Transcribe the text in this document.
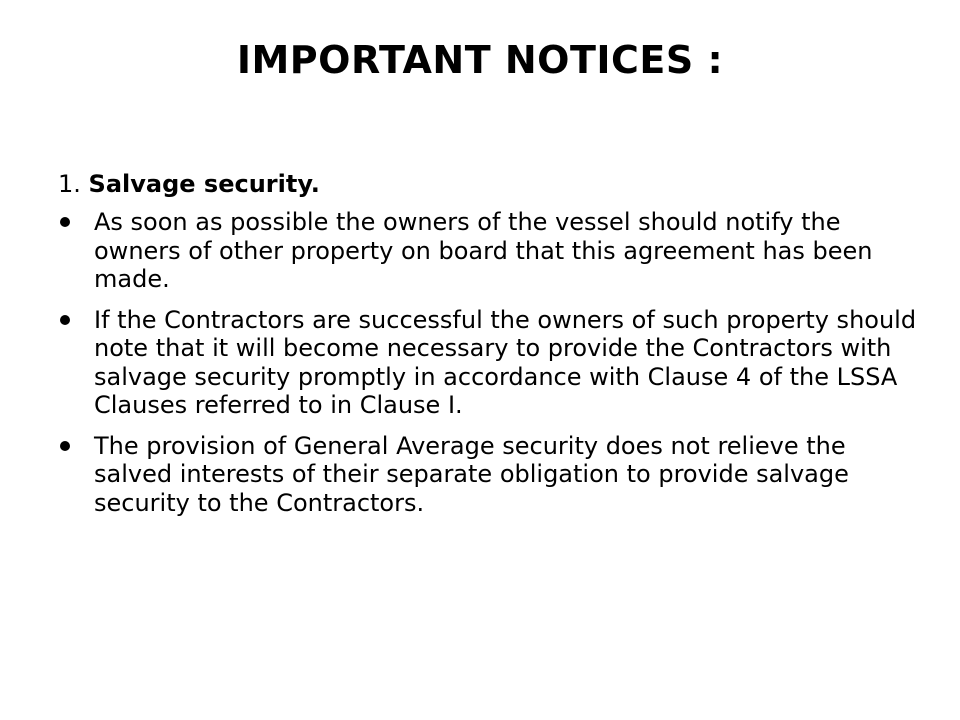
IMPORTANT NOTICES :
1. Salvage security.
As soon as possible the owners of the vessel should notify the owners of other property on board that this agreement has been made.
If the Contractors are successful the owners of such property should note that it will become necessary to provide the Contractors with salvage security promptly in accordance with Clause 4 of the LSSA Clauses referred to in Clause I.
The provision of General Average security does not relieve the salved interests of their separate obligation to provide salvage security to the Contractors.
